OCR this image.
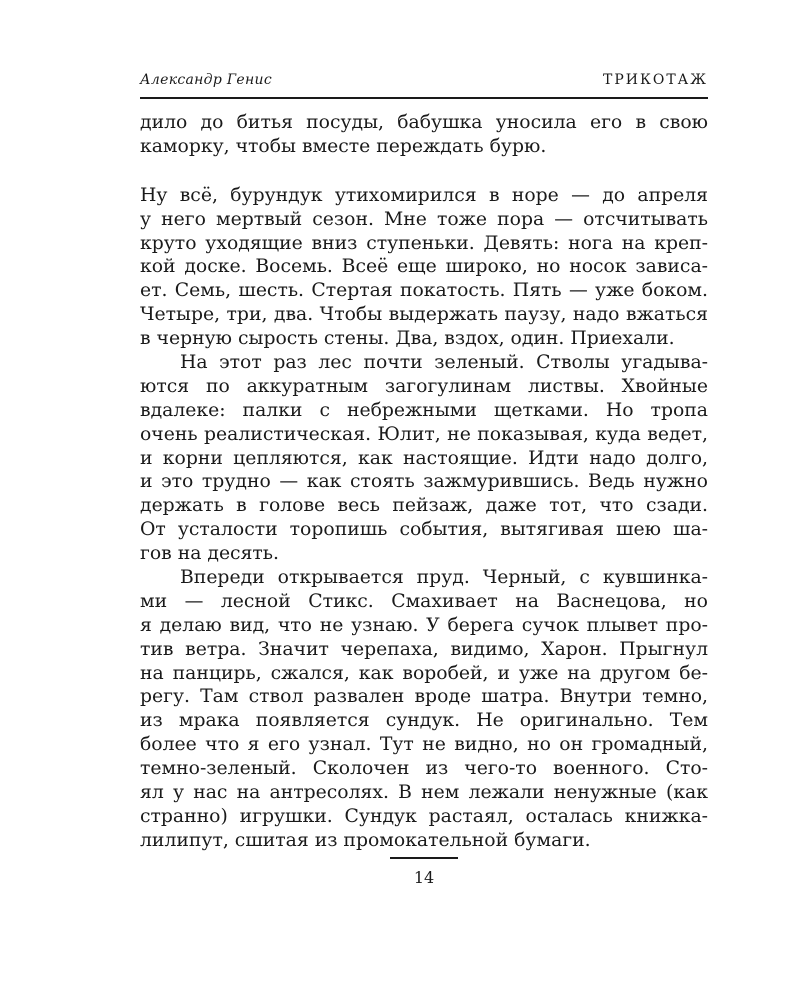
Александр Генис	ТРИКОТАЖ
дило до битья посуды, бабушка уносила его в свою
каморку, чтобы вместе переждать бурю.
Ну всё, бурундук утихомирился в норе — до апреля
у него мертвый сезон. Мне тоже пора — отсчитывать
круто уходящие вниз ступеньки. Девять: нога на креп-
кой доске. Восемь. Всеё еще широко, но носок зависа-
ет. Семь, шесть. Стертая покатость. Пять — уже боком.
Четыре, три, два. Чтобы выдержать паузу, надо вжаться
в черную сырость стены. Два, вздох, один. Приехали.
На этот раз лес почти зеленый. Стволы угадыва-
ются по аккуратным загогулинам листвы. Хвойные
вдалеке: палки с небрежными щетками. Но тропа
очень реалистическая. Юлит, не показывая, куда ведет,
и корни цепляются, как настоящие. Идти надо долго,
и это трудно — как стоять зажмурившись. Ведь нужно
держать в голове весь пейзаж, даже тот, что сзади.
От усталости торопишь события, вытягивая шею ша-
гов на десять.
Впереди открывается пруд. Черный, с кувшинка-
ми — лесной Стикс. Смахивает на Васнецова, но
я делаю вид, что не узнаю. У берега сучок плывет про-
тив ветра. Значит черепаха, видимо, Харон. Прыгнул
на панцирь, сжался, как воробей, и уже на другом бе-
регу. Там ствол развален вроде шатра. Внутри темно,
из мрака появляется сундук. Не оригинально. Тем
более что я его узнал. Тут не видно, но он громадный,
темно-зеленый. Сколочен из чего-то военного. Сто-
ял у нас на антресолях. В нем лежали ненужные (как
странно) игрушки. Сундук растаял, осталась книжка-
лилипут, сшитая из промокательной бумаги.
14
